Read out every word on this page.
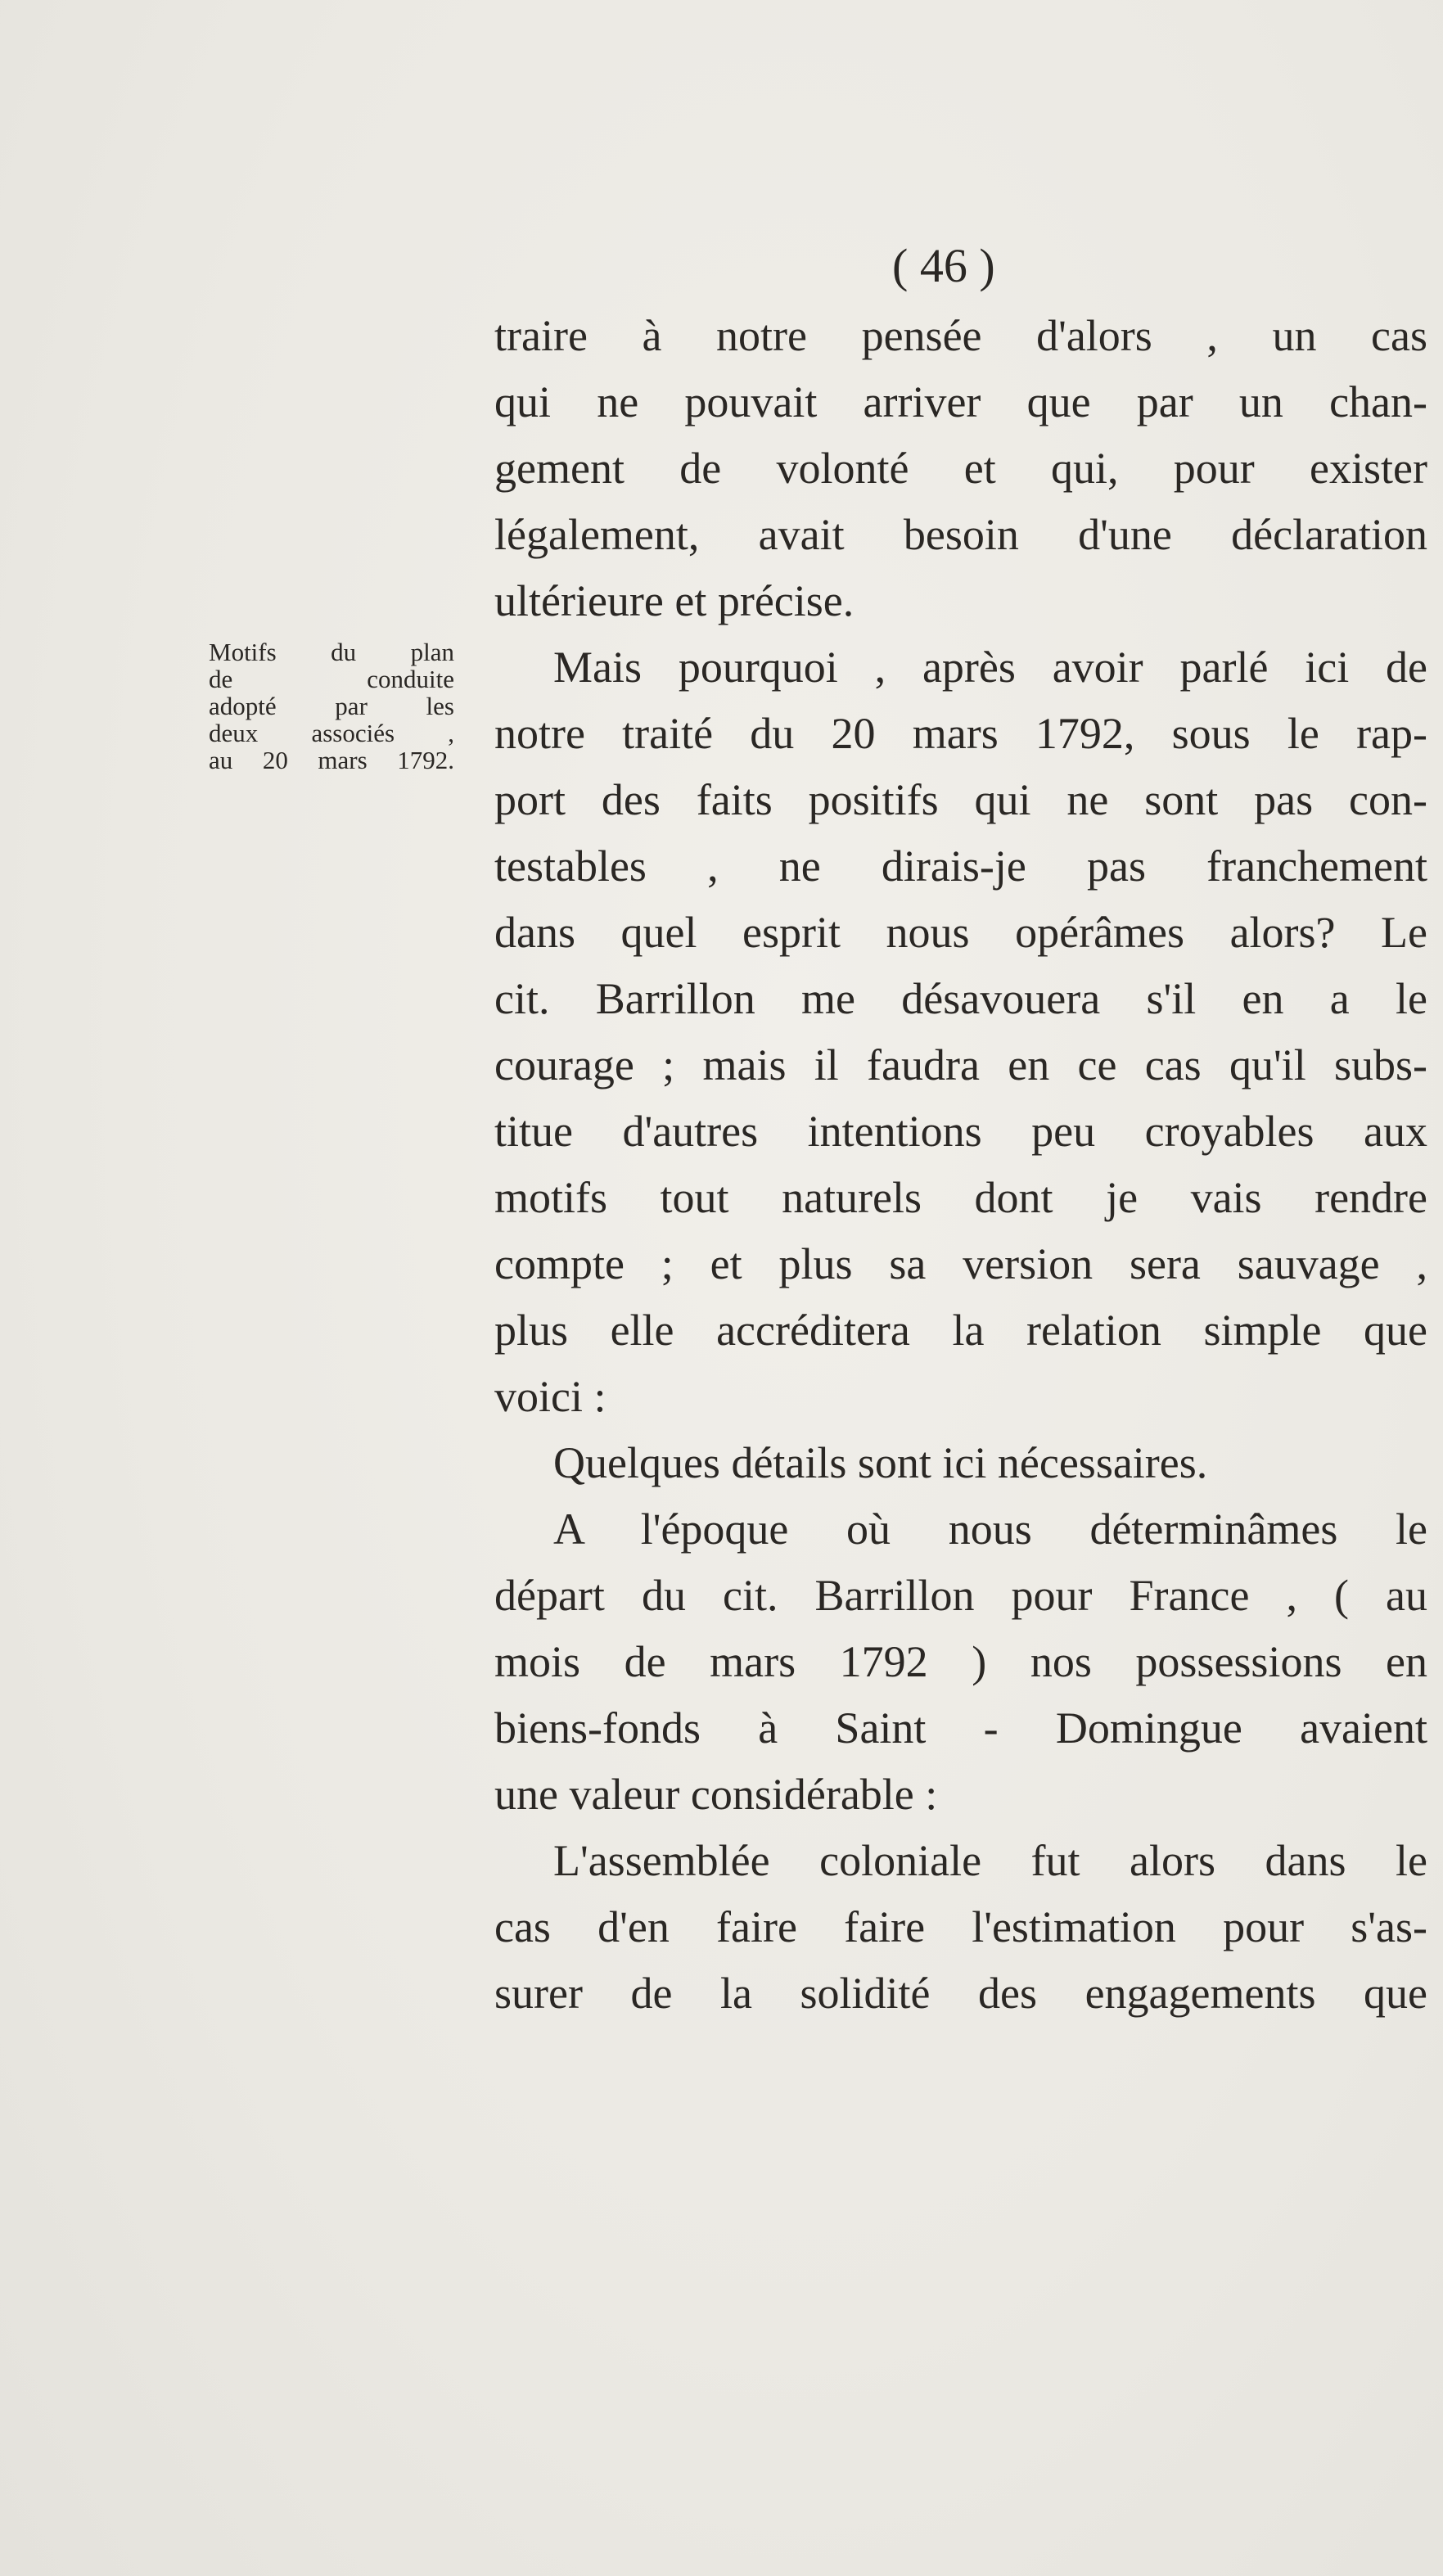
( 46 )
Motifs du plan
de conduite
adopté par les
deux associés ,
au 20 mars 1792.
traire à notre pensée d'alors , un cas
qui ne pouvait arriver que par un chan-
gement de volonté et qui, pour exister
légalement, avait besoin d'une déclaration
ultérieure et précise.
Mais pourquoi , après avoir parlé ici de
notre traité du 20 mars 1792, sous le rap-
port des faits positifs qui ne sont pas con-
testables , ne dirais-je pas franchement
dans quel esprit nous opérâmes alors? Le
cit. Barrillon me désavouera s'il en a le
courage ; mais il faudra en ce cas qu'il subs-
titue d'autres intentions peu croyables aux
motifs tout naturels dont je vais rendre
compte ; et plus sa version sera sauvage ,
plus elle accréditera la relation simple que
voici :
Quelques détails sont ici nécessaires.
A l'époque où nous déterminâmes le
départ du cit. Barrillon pour France , ( au
mois de mars 1792 ) nos possessions en
biens-fonds à Saint - Domingue avaient
une valeur considérable :
L'assemblée coloniale fut alors dans le
cas d'en faire faire l'estimation pour s'as-
surer de la solidité des engagements que
